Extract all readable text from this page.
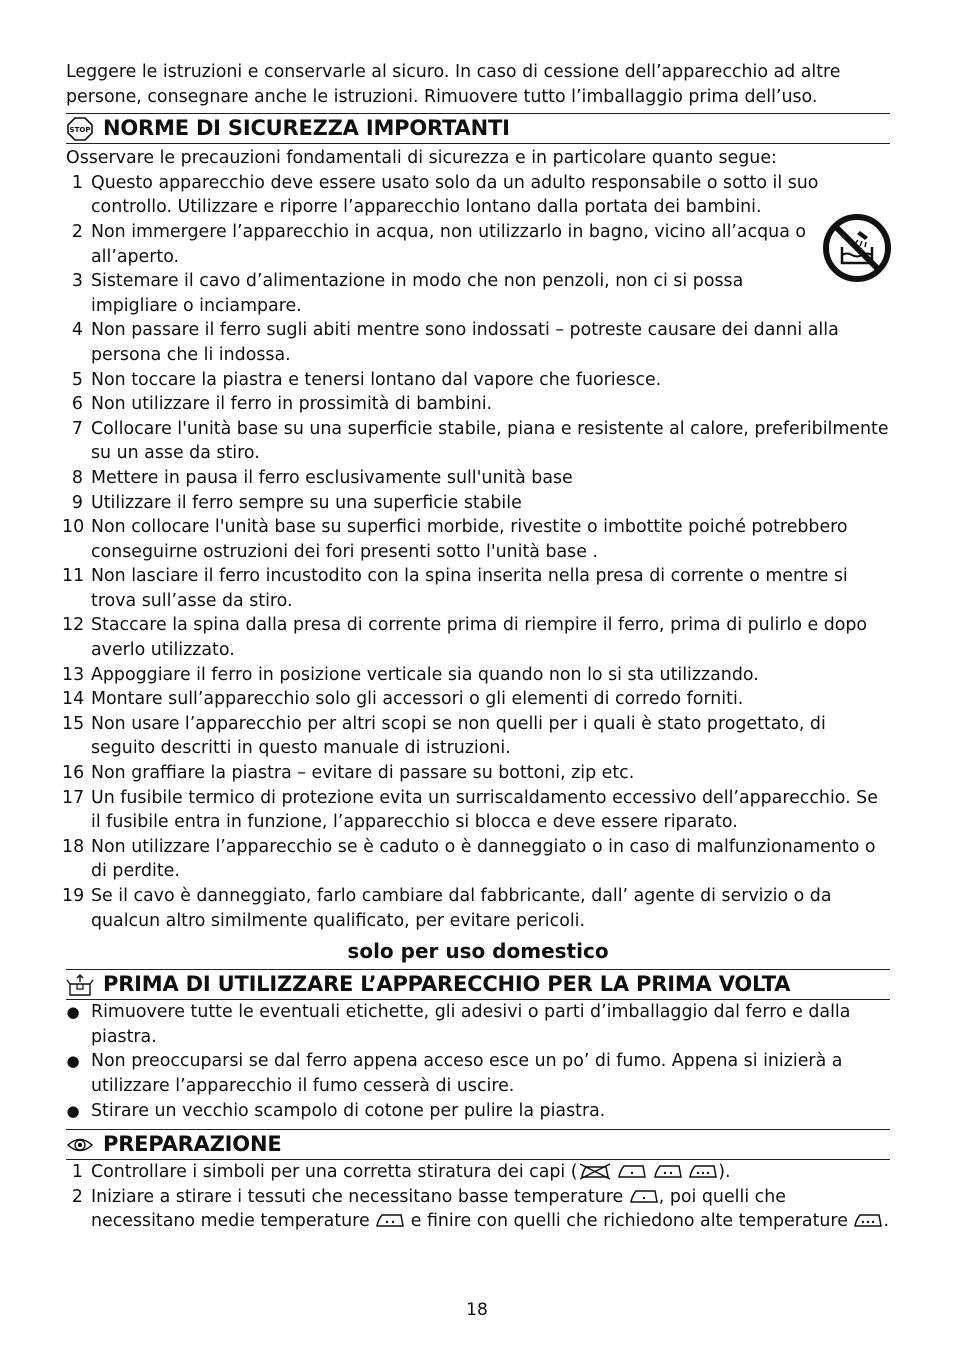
Leggere le istruzioni e conservarle al sicuro. In caso di cessione dell’apparecchio ad altre persone, consegnare anche le istruzioni. Rimuovere tutto l’imballaggio prima dell’uso.

STOP NORME DI SICUREZZA IMPORTANTI

Osservare le precauzioni fondamentali di sicurezza e in particolare quanto segue:

1 Questo apparecchio deve essere usato solo da un adulto responsabile o sotto il suo controllo. Utilizzare e riporre l’apparecchio lontano dalla portata dei bambini.
2 Non immergere l’apparecchio in acqua, non utilizzarlo in bagno, vicino all’acqua o all’aperto.
3 Sistemare il cavo d’alimentazione in modo che non penzoli, non ci si possa impigliare o inciampare.
4 Non passare il ferro sugli abiti mentre sono indossati – potreste causare dei danni alla persona che li indossa.
5 Non toccare la piastra e tenersi lontano dal vapore che fuoriesce.
6 Non utilizzare il ferro in prossimità di bambini.
7 Collocare l'unità base su una superficie stabile, piana e resistente al calore, preferibilmente su un asse da stiro.
8 Mettere in pausa il ferro esclusivamente sull'unità base
9 Utilizzare il ferro sempre su una superficie stabile
10 Non collocare l'unità base su superfici morbide, rivestite o imbottite poiché potrebbero conseguirne ostruzioni dei fori presenti sotto l'unità base .
11 Non lasciare il ferro incustodito con la spina inserita nella presa di corrente o mentre si trova sull’asse da stiro.
12 Staccare la spina dalla presa di corrente prima di riempire il ferro, prima di pulirlo e dopo averlo utilizzato.
13 Appoggiare il ferro in posizione verticale sia quando non lo si sta utilizzando.
14 Montare sull’apparecchio solo gli accessori o gli elementi di corredo forniti.
15 Non usare l’apparecchio per altri scopi se non quelli per i quali è stato progettato, di seguito descritti in questo manuale di istruzioni.
16 Non graffiare la piastra – evitare di passare su bottoni, zip etc.
17 Un fusibile termico di protezione evita un surriscaldamento eccessivo dell’apparecchio. Se il fusibile entra in funzione, l’apparecchio si blocca e deve essere riparato.
18 Non utilizzare l’apparecchio se è caduto o è danneggiato o in caso di malfunzionamento o di perdite.
19 Se il cavo è danneggiato, farlo cambiare dal fabbricante, dall’ agente di servizio o da qualcun altro similmente qualificato, per evitare pericoli.
solo per uso domestico
PRIMA DI UTILIZZARE L’APPARECCHIO PER LA PRIMA VOLTA
● Rimuovere tutte le eventuali etichette, gli adesivi o parti d’imballaggio dal ferro e dalla piastra.
● Non preoccuparsi se dal ferro appena acceso esce un po’ di fumo. Appena si inizierà a utilizzare l’apparecchio il fumo cesserà di uscire.
● Stirare un vecchio scampolo di cotone per pulire la piastra.
PREPARAZIONE
1 Controllare i simboli per una corretta stiratura dei capi (	).
2 Iniziare a stirare i tessuti che necessitano basse temperature , poi quelli che necessitano medie temperature  e finire con quelli che richiedono alte temperature .
18
